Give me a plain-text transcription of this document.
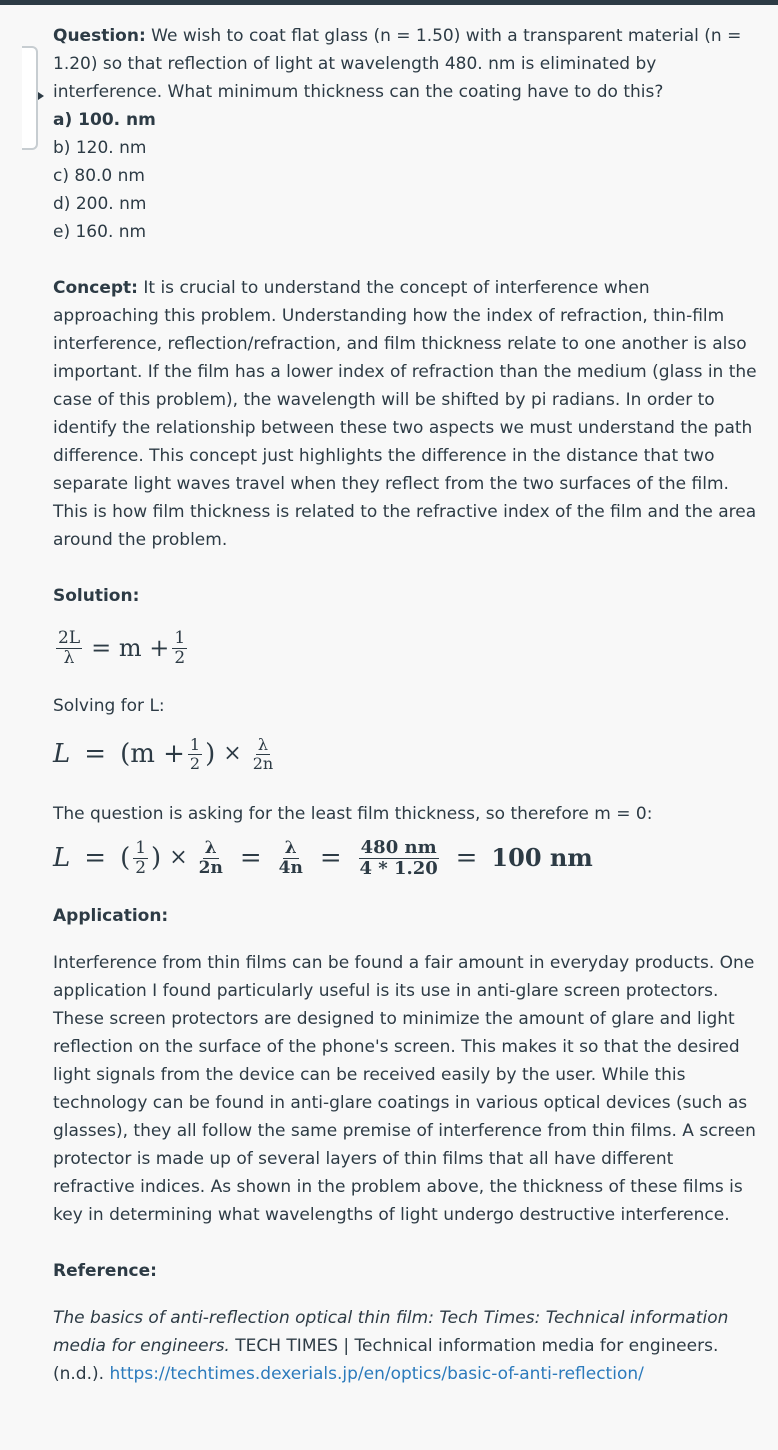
Question: We wish to coat flat glass (n = 1.50) with a transparent material (n = 1.20) so that reflection of light at wavelength 480. nm is eliminated by interference. What minimum thickness can the coating have to do this?

a) 100. nm
b) 120. nm
c) 80.0 nm
d) 200. nm
e) 160. nm

Concept: It is crucial to understand the concept of interference when approaching this problem. Understanding how the index of refraction, thin-film interference, reflection/refraction, and film thickness relate to one another is also important. If the film has a lower index of refraction than the medium (glass in the case of this problem), the wavelength will be shifted by pi radians. In order to identify the relationship between these two aspects we must understand the path difference. This concept just highlights the difference in the distance that two separate light waves travel when they reflect from the two surfaces of the film. This is how film thickness is related to the refractive index of the film and the area around the problem.

Solution:

$\frac{2L}{\lambda} = m + \frac{1}{2}$

Solving for L:

$L = (m + \frac{1}{2}$ ) × $\frac{\lambda}{2n}$

The question is asking for the least film thickness, so therefore m = 0:

L = ( $\frac{1}{2}$ ) × $\frac{\lambda}{2n} = \frac{\lambda}{4n} = \frac{480 nm}{4 * 1.20} = 100$ nm

Application:

Interference from thin films can be found a fair amount in everyday products. One application I found particularly useful is its use in anti-glare screen protectors. These screen protectors are designed to minimize the amount of glare and light reflection on the surface of the phone's screen. This makes it so that the desired light signals from the device can be received easily by the user. While this technology can be found in anti-glare coatings in various optical devices (such as glasses), they all follow the same premise of interference from thin films. A screen protector is made up of several layers of thin films that all have different refractive indices. As shown in the problem above, the thickness of these films is key in determining what wavelengths of light undergo destructive interference.

Reference:

The basics of anti-reflection optical thin film: Tech Times: Technical information media for engineers. TECH TIMES | Technical information media for engineers. (n.d.). https://techtimes.dexerials.jp/en/optics/basic-of-anti-reflection/
